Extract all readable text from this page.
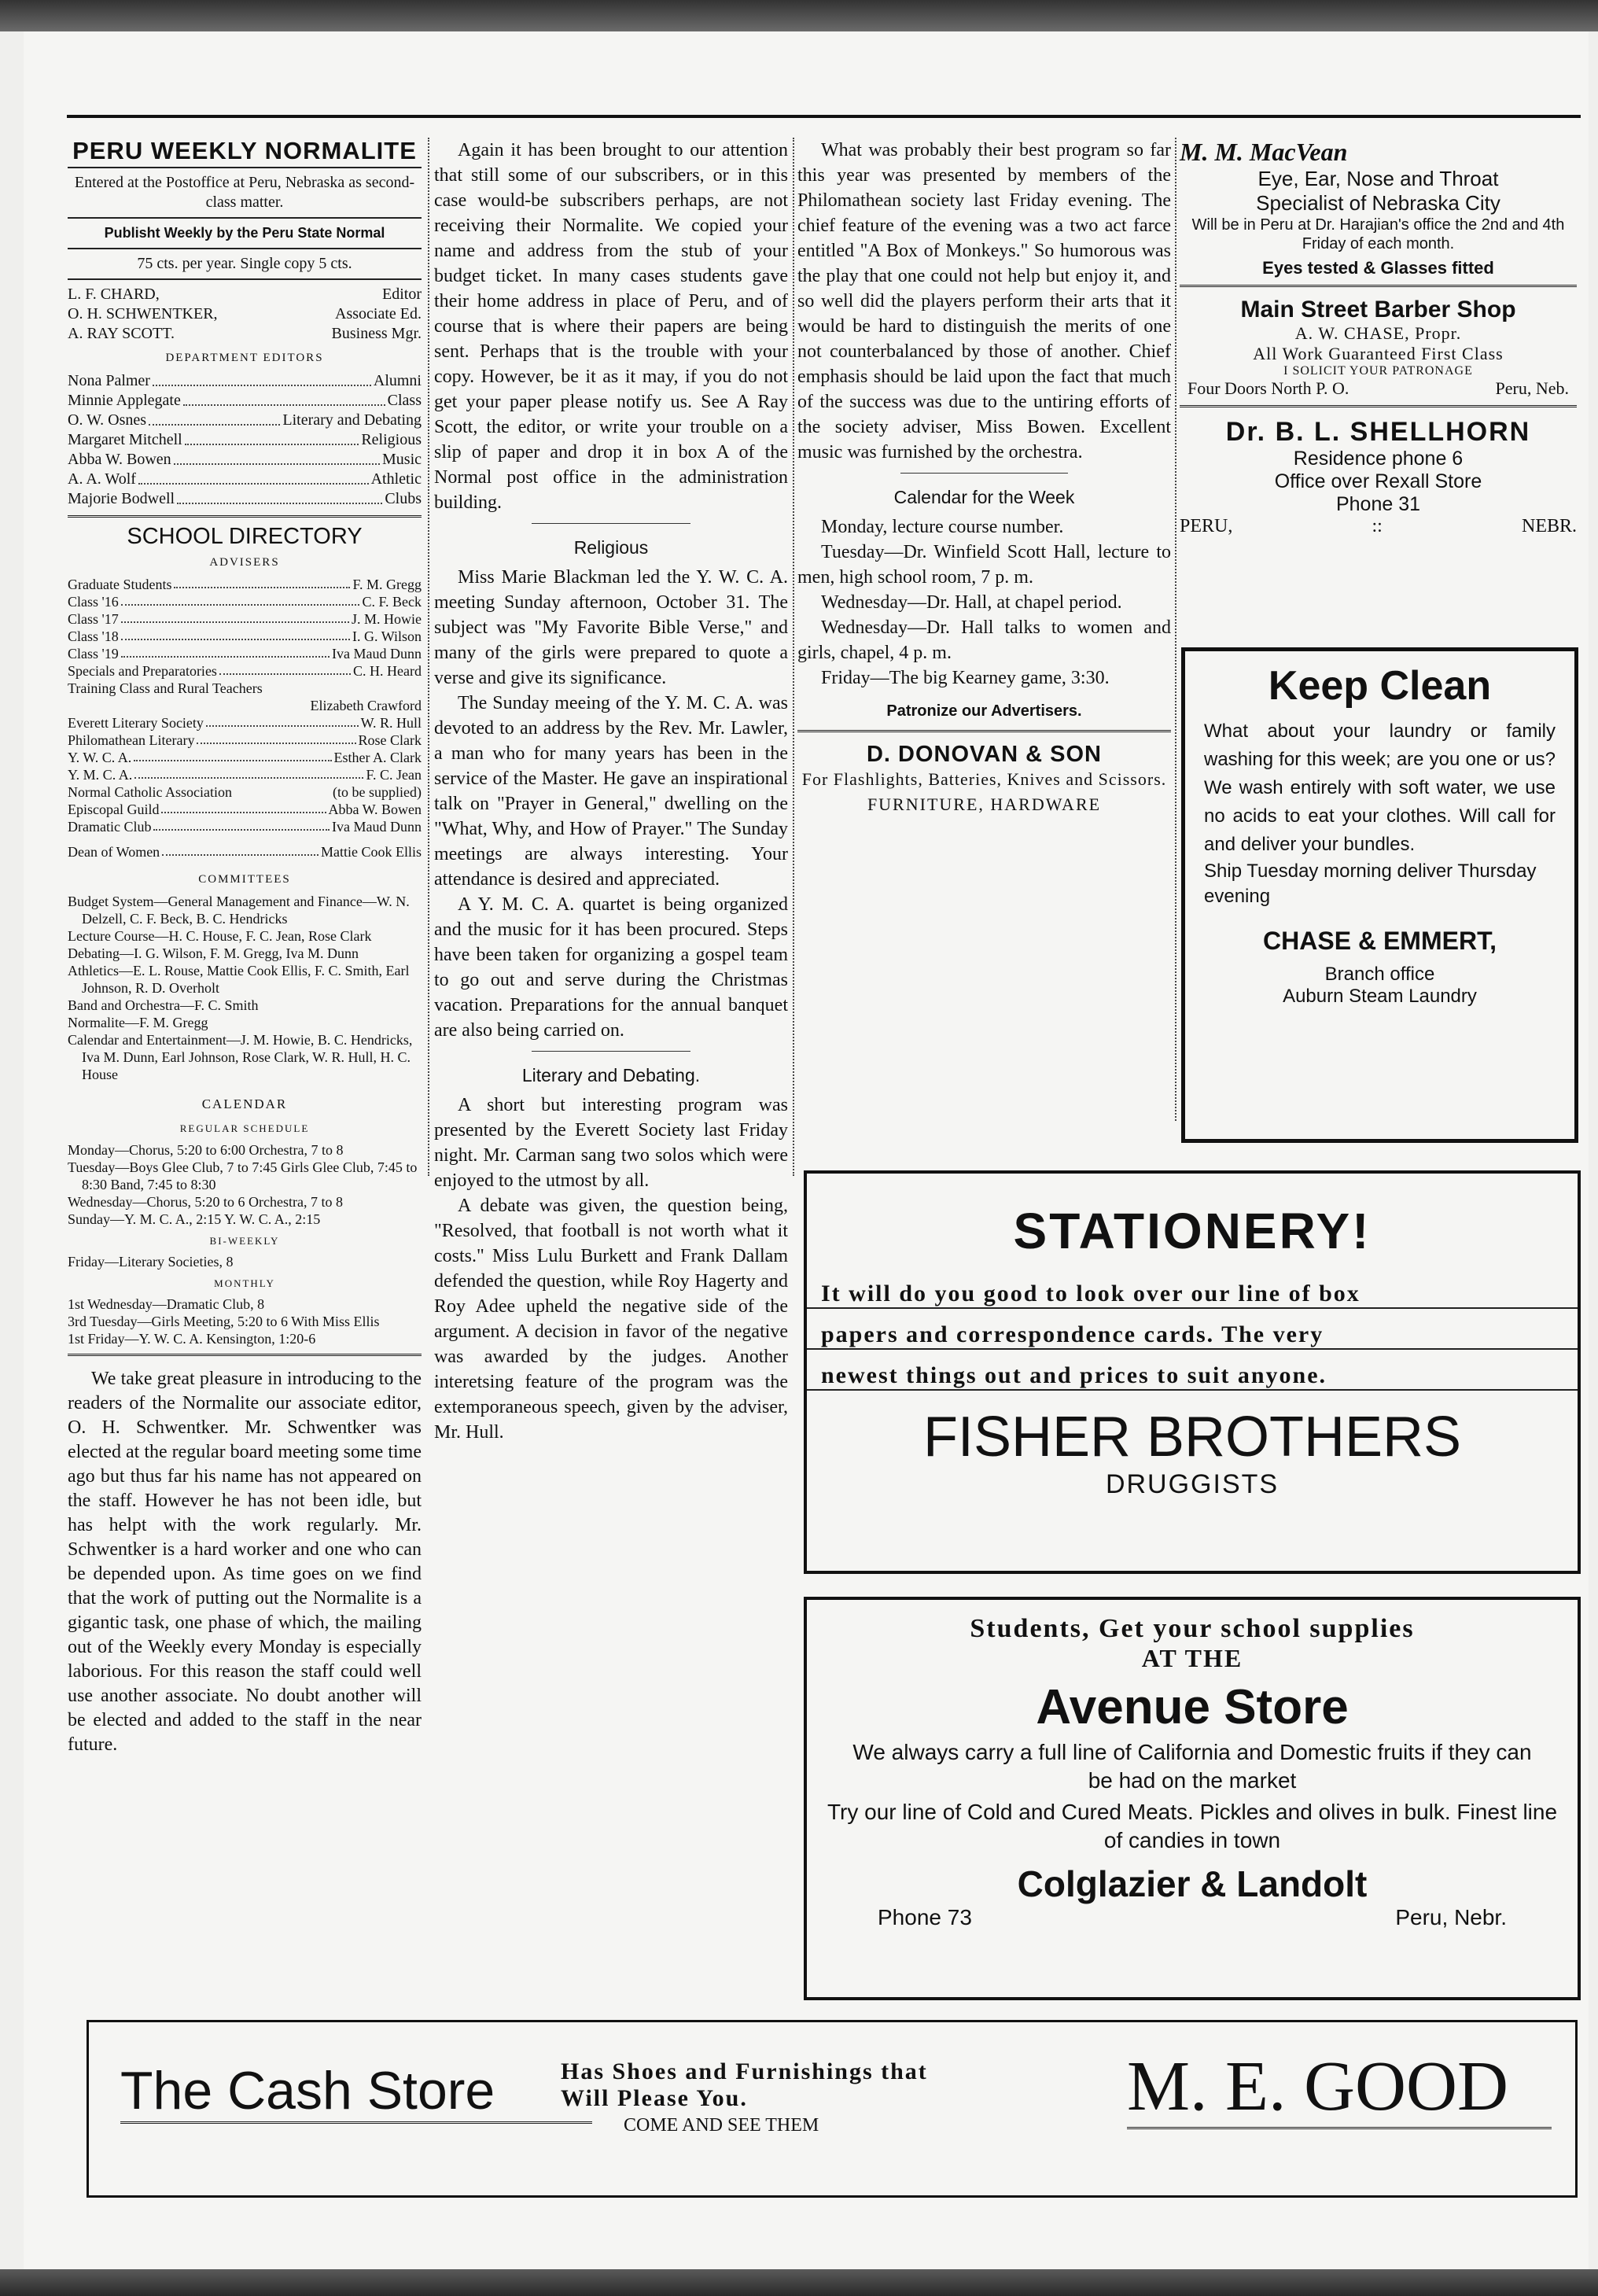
PERU WEEKLY NORMALITE
Entered at the Postoffice at Peru, Nebraska as second-class matter.
Publisht Weekly by the Peru State Normal
75 cts. per year. Single copy 5 cts.
L. F. CHARD,	Editor
O. H. SCHWENTKER,	Associate Ed.
A. RAY SCOTT.	Business Mgr.
DEPARTMENT EDITORS
Nona Palmer	Alumni
Minnie Applegate	Class
O. W. Osnes	Literary and Debating
Margaret Mitchell	Religious
Abba W. Bowen	Music
A. A. Wolf	Athletic
Majorie Bodwell	Clubs
SCHOOL DIRECTORY
ADVISERS
Graduate Students	F. M. Gregg
Class '16	C. F. Beck
Class '17	J. M. Howie
Class '18	I. G. Wilson
Class '19	Iva Maud Dunn
Specials and Preparatories	C. H. Heard
Training Class and Rural Teachers
Elizabeth Crawford
Everett Literary Society	W. R. Hull
Philomathean Literary	Rose Clark
Y. W. C. A.	Esther A. Clark
Y. M. C. A.	F. C. Jean
Normal Catholic Association	(to be supplied)
Episcopal Guild	Abba W. Bowen
Dramatic Club	Iva Maud Dunn
Dean of Women	Mattie Cook Ellis
COMMITTEES
Budget System—General Management and Finance—W. N. Delzell, C. F. Beck, B. C. Hendricks
Lecture Course—H. C. House, F. C. Jean, Rose Clark
Debating—I. G. Wilson, F. M. Gregg, Iva M. Dunn
Athletics—E. L. Rouse, Mattie Cook Ellis, F. C. Smith, Earl Johnson, R. D. Overholt
Band and Orchestra—F. C. Smith
Normalite—F. M. Gregg
Calendar and Entertainment—J. M. Howie, B. C. Hendricks, Iva M. Dunn, Earl Johnson, Rose Clark, W. R. Hull, H. C. House
CALENDAR
REGULAR SCHEDULE
Monday—Chorus, 5:20 to 6:00 Orchestra, 7 to 8
Tuesday—Boys Glee Club, 7 to 7:45 Girls Glee Club, 7:45 to 8:30 Band, 7:45 to 8:30
Wednesday—Chorus, 5:20 to 6 Orchestra, 7 to 8
Sunday—Y. M. C. A., 2:15 Y. W. C. A., 2:15
BI-WEEKLY
Friday—Literary Societies, 8
MONTHLY
1st Wednesday—Dramatic Club, 8
3rd Tuesday—Girls Meeting, 5:20 to 6 With Miss Ellis
1st Friday—Y. W. C. A. Kensington, 1:20-6

We take great pleasure in introducing to the readers of the Normalite our associate editor, O. H. Schwentker. Mr. Schwentker was elected at the regular board meeting some time ago but thus far his name has not appeared on the staff. However he has not been idle, but has helpt with the work regularly. Mr. Schwentker is a hard worker and one who can be depended upon. As time goes on we find that the work of putting out the Normalite is a gigantic task, one phase of which, the mailing out of the Weekly every Monday is especially laborious. For this reason the staff could well use another associate. No doubt another will be elected and added to the staff in the near future.

Again it has been brought to our attention that still some of our subscribers, or in this case would-be subscribers perhaps, are not receiving their Normalite. We copied your name and address from the stub of your budget ticket. In many cases students gave their home address in place of Peru, and of course that is where their papers are being sent. Perhaps that is the trouble with your copy. However, be it as it may, if you do not get your paper please notify us. See A Ray Scott, the editor, or write your trouble on a slip of paper and drop it in box A of the Normal post office in the administration building.

Religious

Miss Marie Blackman led the Y. W. C. A. meeting Sunday afternoon, October 31. The subject was "My Favorite Bible Verse," and many of the girls were prepared to quote a verse and give its significance.

The Sunday meeing of the Y. M. C. A. was devoted to an address by the Rev. Mr. Lawler, a man who for many years has been in the service of the Master. He gave an inspirational talk on "Prayer in General," dwelling on the "What, Why, and How of Prayer." The Sunday meetings are always interesting. Your attendance is desired and appreciated.

A Y. M. C. A. quartet is being organized and the music for it has been procured. Steps have been taken for organizing a gospel team to go out and serve during the Christmas vacation. Preparations for the annual banquet are also being carried on.

Literary and Debating.

A short but interesting program was presented by the Everett Society last Friday night. Mr. Carman sang two solos which were enjoyed to the utmost by all.

A debate was given, the question being, "Resolved, that football is not worth what it costs." Miss Lulu Burkett and Frank Dallam defended the question, while Roy Hagerty and Roy Adee upheld the negative side of the argument. A decision in favor of the negative was awarded by the judges. Another interetsing feature of the program was the extemporaneous speech, given by the adviser, Mr. Hull.

What was probably their best program so far this year was presented by members of the Philomathean society last Friday evening. The chief feature of the evening was a two act farce entitled "A Box of Monkeys." So humorous was the play that one could not help but enjoy it, and so well did the players perform their arts that it would be hard to distinguish the merits of one not counterbalanced by those of another. Chief emphasis should be laid upon the fact that much of the success was due to the untiring efforts of the society adviser, Miss Bowen. Excellent music was furnished by the orchestra.

Calendar for the Week

Monday, lecture course number.

Tuesday—Dr. Winfield Scott Hall, lecture to men, high school room, 7 p. m.

Wednesday—Dr. Hall, at chapel period.

Wednesday—Dr. Hall talks to women and girls, chapel, 4 p. m.

Friday—The big Kearney game, 3:30.

Patronize our Advertisers.
D. DONOVAN & SON
For Flashlights, Batteries, Knives and Scissors.
FURNITURE, HARDWARE
M. M. MacVean
Eye, Ear, Nose and Throat
Specialist of Nebraska City
Will be in Peru at Dr. Harajian's office the 2nd and 4th Friday of each month.
Eyes tested & Glasses fitted
Main Street Barber Shop
A. W. CHASE, Propr.
All Work Guaranteed First Class
I SOLICIT YOUR PATRONAGE
Four Doors North P. O.	Peru, Neb.
Dr. B. L. SHELLHORN
Residence phone 6
Office over Rexall Store
Phone 31
PERU,	::	NEBR.
Keep Clean
What about your laundry or family washing for this week; are you one or us? We wash entirely with soft water, we use no acids to eat your clothes. Will call for and deliver your bundles.
Ship Tuesday morning deliver Thursday evening
CHASE & EMMERT,
Branch office
Auburn Steam Laundry
STATIONERY!
It will do you good to look over our line of box
papers and correspondence cards. The very
newest things out and prices to suit anyone.
FISHER BROTHERS
DRUGGISTS
Students, Get your school supplies
AT THE
Avenue Store
We always carry a full line of California and Domestic fruits if they can be had on the market
Try our line of Cold and Cured Meats. Pickles and olives in bulk. Finest line of candies in town
Colglazier & Landolt
Phone 73	Peru, Nebr.
The Cash Store	Has Shoes and Furnishings that
Will Please You.
COME AND SEE THEM	M. E. GOOD
